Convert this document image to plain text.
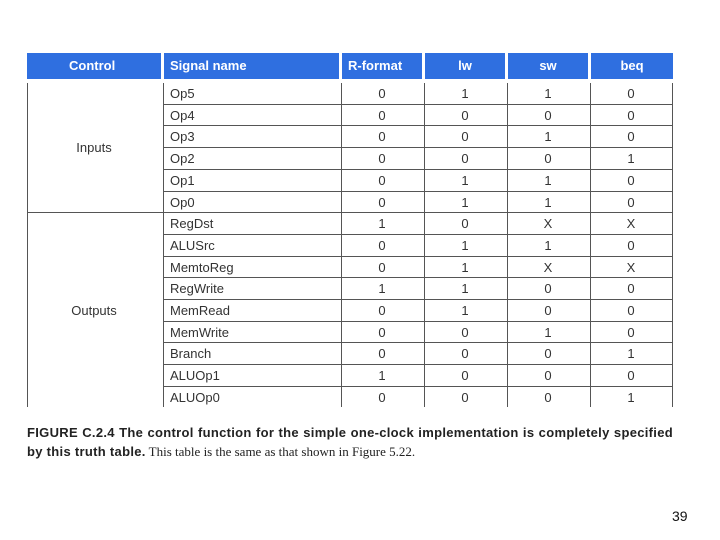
Control	Signal name	R-format	lw	sw	beq
Op5	0	1	1	0
Op4	0	0	0	0
Op3	0	0	1	0
Op2	0	0	0	1
Op1	0	1	1	0
Op0	0	1	1	0
Inputs
RegDst	1	0	X	X
ALUSrc	0	1	1	0
MemtoReg	0	1	X	X
RegWrite	1	1	0	0
MemRead	0	1	0	0
MemWrite	0	0	1	0
Branch	0	0	0	1
ALUOp1	1	0	0	0
ALUOp0	0	0	0	1
Outputs
FIGURE C.2.4 The control function for the simple one-clock implementation is completely specified by this truth table. This table is the same as that shown in Figure 5.22.
39
